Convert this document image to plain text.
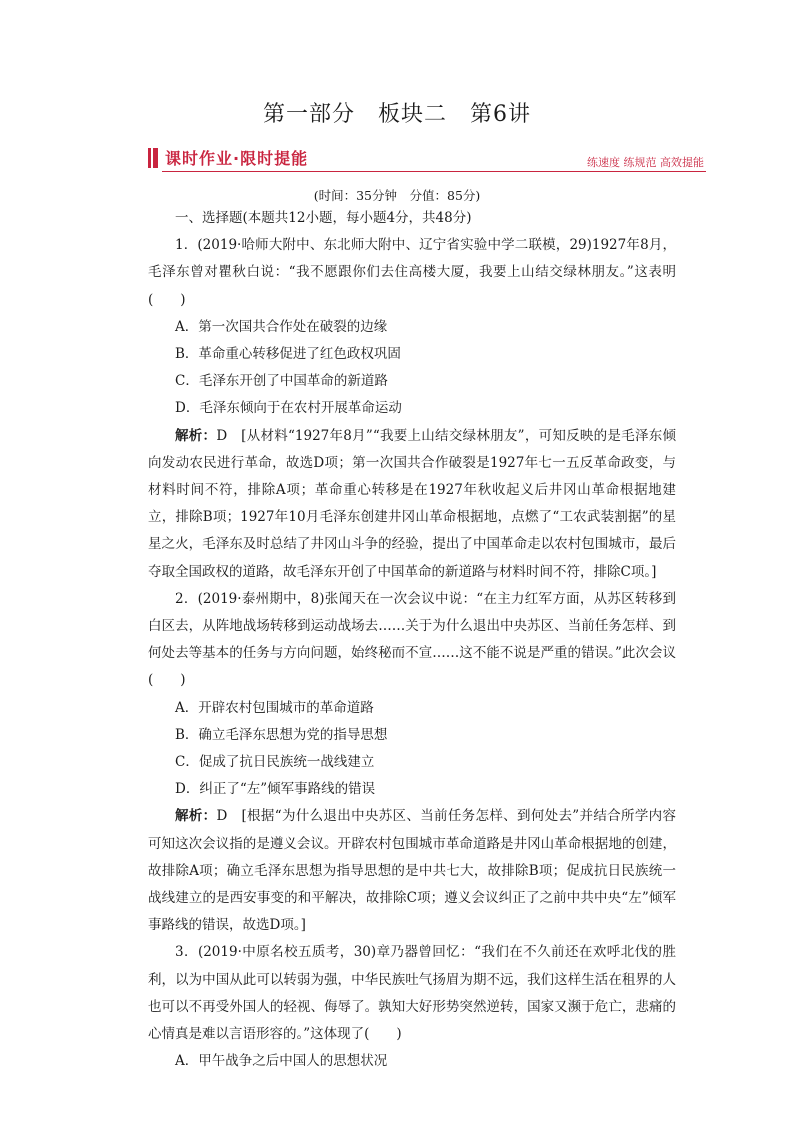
第一部分　板块二　第6讲
课时作业·限时提能	练速度 练规范 高效提能
(时间：35分钟　分值：85分)

一、选择题(本题共12小题，每小题4分，共48分)

1．(2019·哈师大附中、东北师大附中、辽宁省实验中学二联模，29)1927年8月，毛泽东曾对瞿秋白说：“我不愿跟你们去住高楼大厦，我要上山结交绿林朋友。”这表明(　　)

A．第一次国共合作处在破裂的边缘

B．革命重心转移促进了红色政权巩固

C．毛泽东开创了中国革命的新道路

D．毛泽东倾向于在农村开展革命运动

解析：D　[从材料“1927年8月”“我要上山结交绿林朋友”，可知反映的是毛泽东倾向发动农民进行革命，故选D项；第一次国共合作破裂是1927年七一五反革命政变，与材料时间不符，排除A项；革命重心转移是在1927年秋收起义后井冈山革命根据地建立，排除B项；1927年10月毛泽东创建井冈山革命根据地，点燃了“工农武装割据”的星星之火，毛泽东及时总结了井冈山斗争的经验，提出了中国革命走以农村包围城市，最后夺取全国政权的道路，故毛泽东开创了中国革命的新道路与材料时间不符，排除C项。]

2．(2019·泰州期中，8)张闻天在一次会议中说：“在主力红军方面，从苏区转移到白区去，从阵地战场转移到运动战场去……关于为什么退出中央苏区、当前任务怎样、到何处去等基本的任务与方向问题，始终秘而不宣……这不能不说是严重的错误。”此次会议(　　)

A．开辟农村包围城市的革命道路

B．确立毛泽东思想为党的指导思想

C．促成了抗日民族统一战线建立

D．纠正了“左”倾军事路线的错误

解析：D　[根据“为什么退出中央苏区、当前任务怎样、到何处去”并结合所学内容可知这次会议指的是遵义会议。开辟农村包围城市革命道路是井冈山革命根据地的创建，故排除A项；确立毛泽东思想为指导思想的是中共七大，故排除B项；促成抗日民族统一战线建立的是西安事变的和平解决，故排除C项；遵义会议纠正了之前中共中央“左”倾军事路线的错误，故选D项。]

3．(2019·中原名校五质考，30)章乃器曾回忆：“我们在不久前还在欢呼北伐的胜利，以为中国从此可以转弱为强，中华民族吐气扬眉为期不远，我们这样生活在租界的人也可以不再受外国人的轻视、侮辱了。孰知大好形势突然逆转，国家又濒于危亡，悲痛的心情真是难以言语形容的。”这体现了(　　)

A．甲午战争之后中国人的思想状况
